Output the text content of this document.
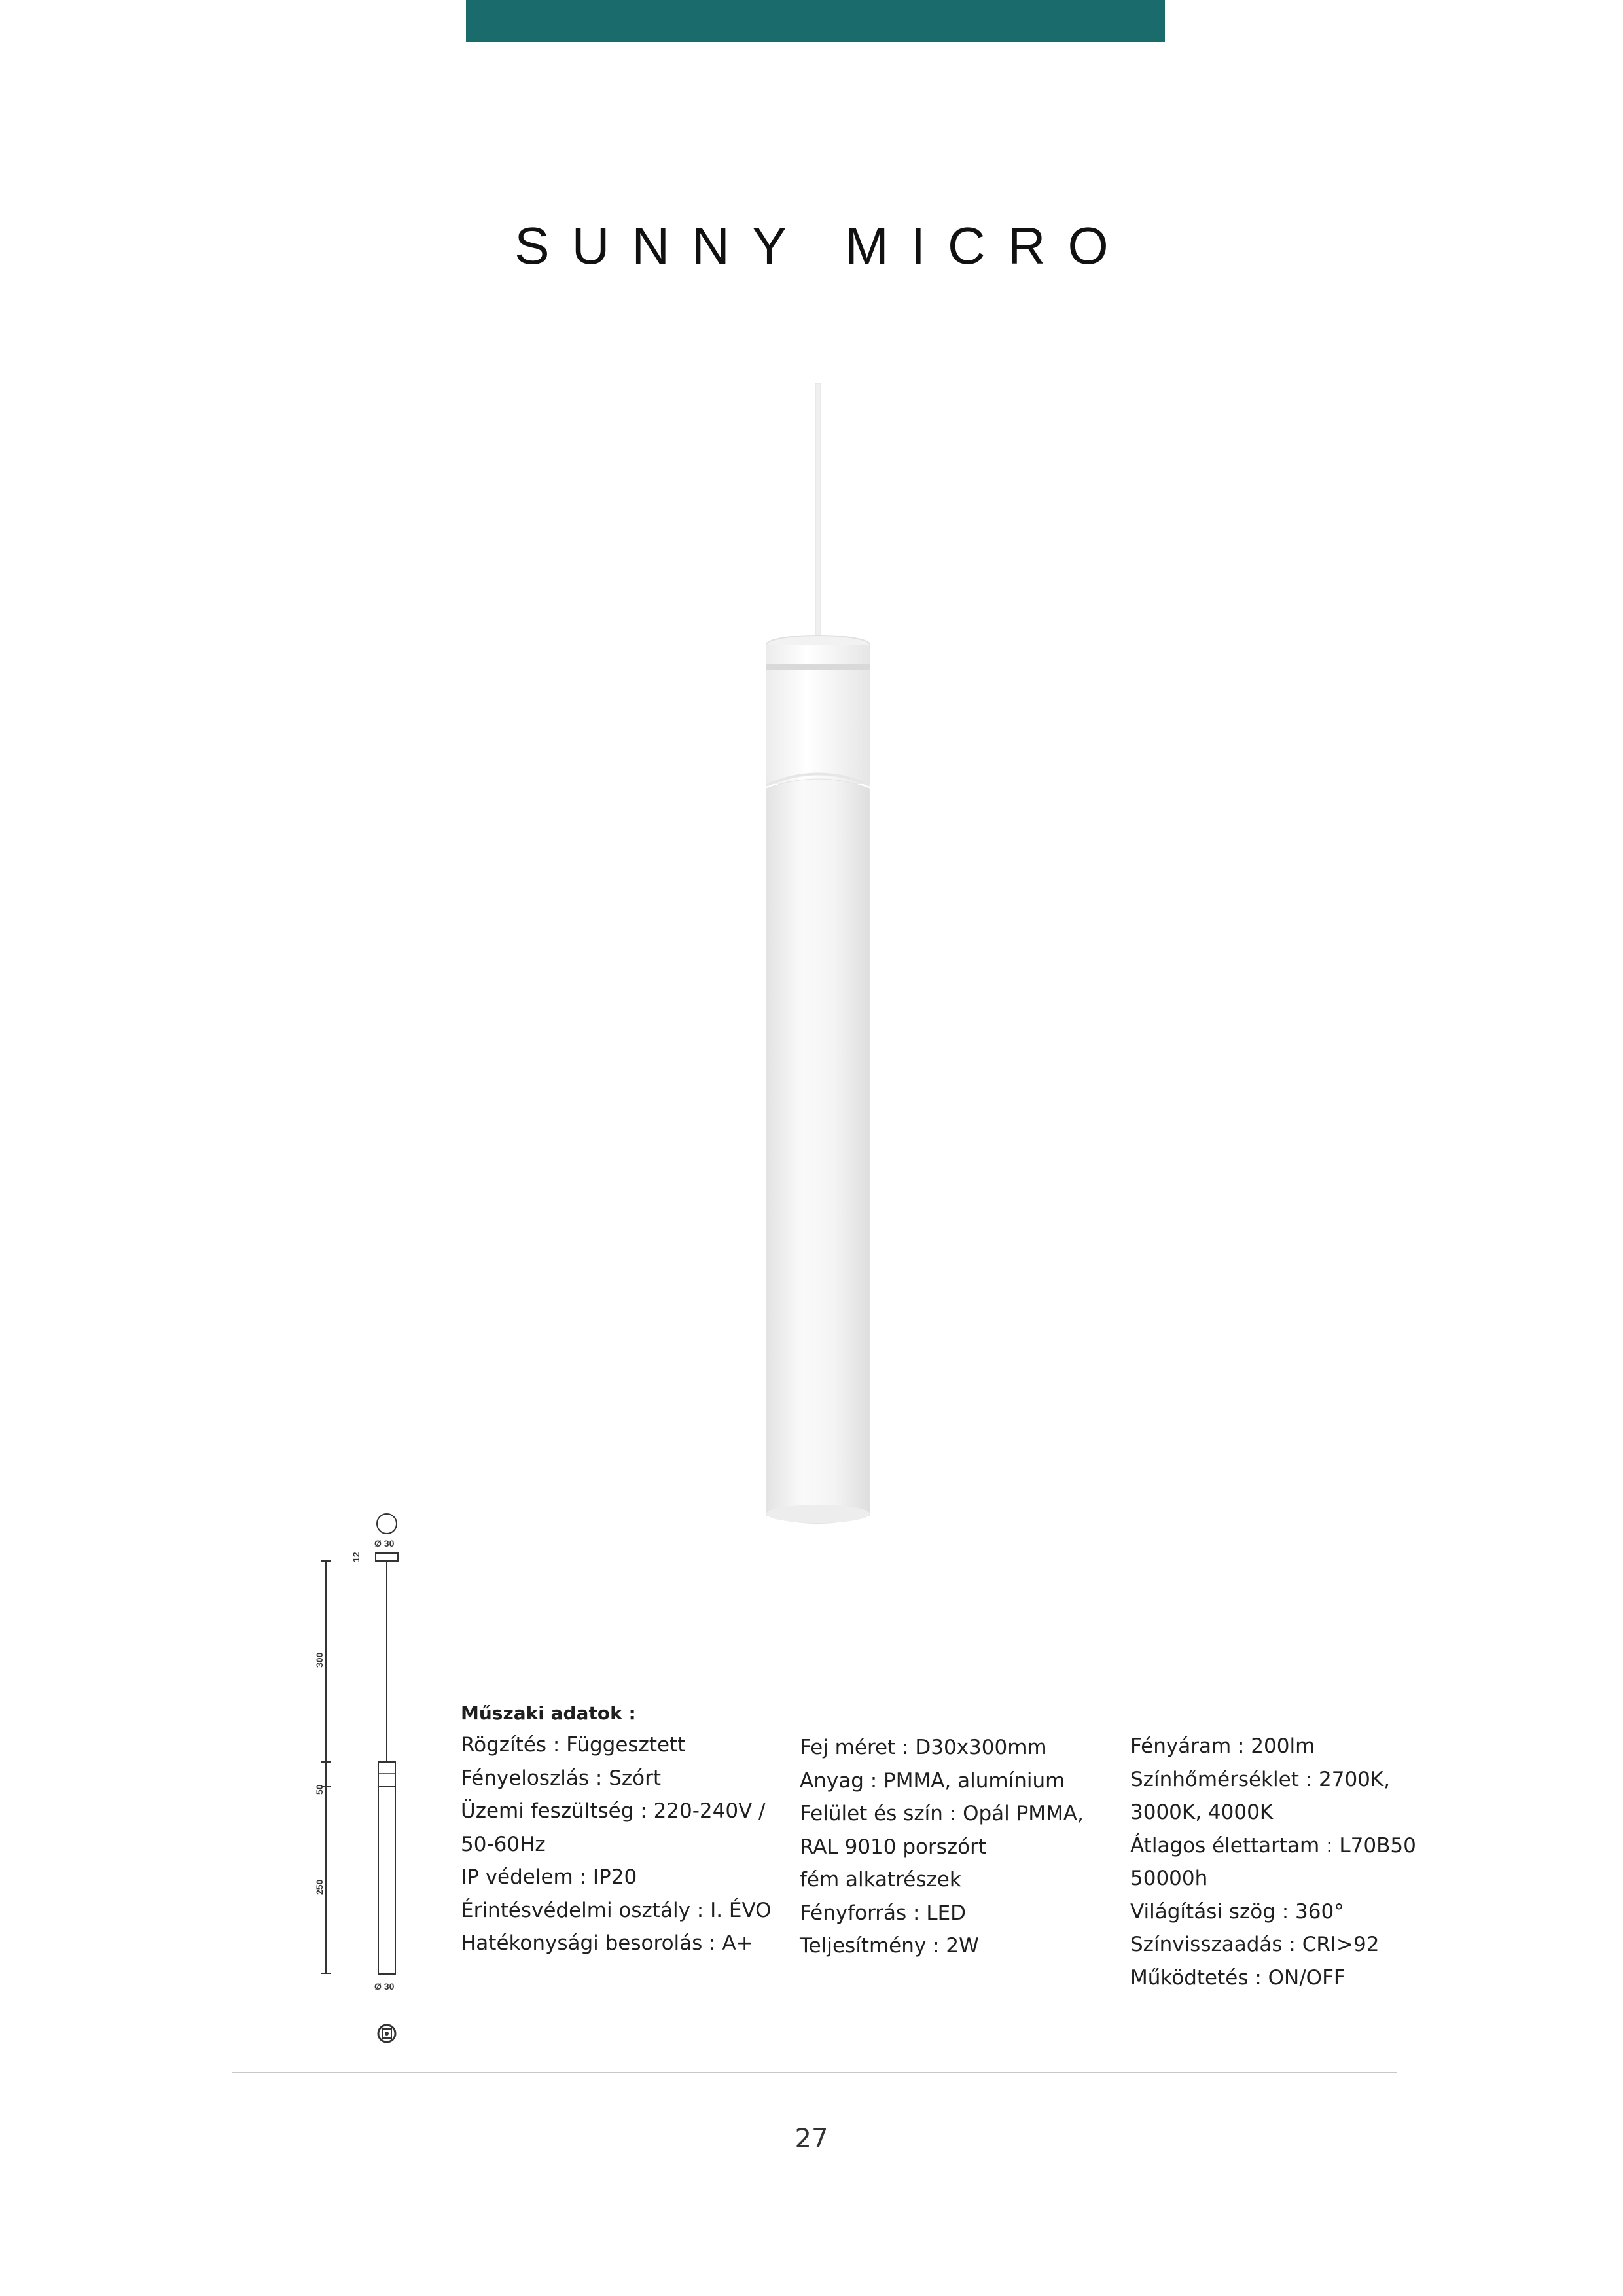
SUNNY MICRO
Ø 30
12
300
50
250
Ø 30
Műszaki adatok :
Rögzítés : Függesztett
Fényeloszlás : Szórt
Üzemi feszültség : 220-240V /
50-60Hz
IP védelem : IP20
Érintésvédelmi osztály : I. ÉVO
Hatékonysági besorolás : A+
Fej méret : D30x300mm
Anyag : PMMA, alumínium
Felület és szín : Opál PMMA,
RAL 9010 porszórt
fém alkatrészek
Fényforrás : LED
Teljesítmény : 2W
Fényáram : 200lm
Színhőmérséklet : 2700K,
3000K, 4000K
Átlagos élettartam : L70B50
50000h
Világítási szög : 360°
Színvisszaadás : CRI>92
Működtetés : ON/OFF
27
